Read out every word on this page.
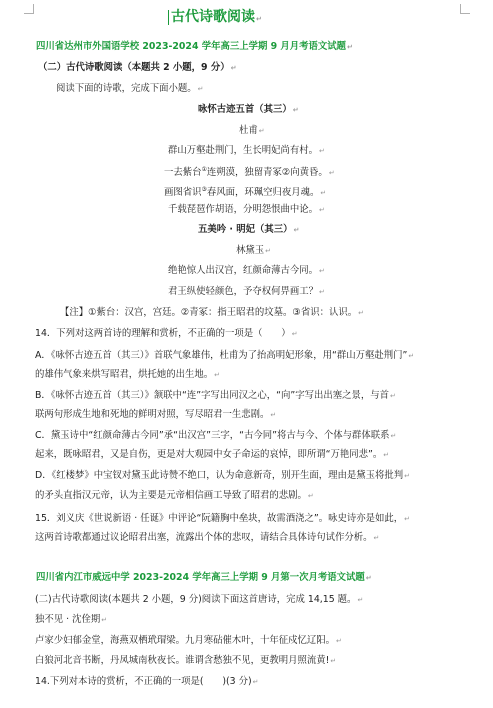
古代诗歌阅读↵
四川省达州市外国语学校 2023-2024 学年高三上学期 9 月月考语文试题↵
（二）古代诗歌阅读（本题共 2 小题，9 分）↵
阅读下面的诗歌，完成下面小题。↵
咏怀古迹五首（其三）↵
杜甫↵
群山万壑赴荆门，生长明妃尚有村。↵
一去紫台①连朔漠，独留青冢②向黄昏。↵
画图省识③春风面，环珮空归夜月魂。↵
千载琵琶作胡语，分明怨恨曲中论。↵
五美吟 · 明妃（其三）↵
林黛玉↵
绝艳惊人出汉宫，红颜命薄古今同。↵
君王纵使轻颜色，予夺权何畀画工？↵
【注】①紫台：汉宫，宫廷。②青冢：指王昭君的坟墓。③省识：认识。↵
14．下列对这两首诗的理解和赏析，不正确的一项是（　　）↵
A．《咏怀古迹五首（其三）》首联气象雄伟，杜甫为了抬高明妃形象，用“群山万壑赴荆门”↵
的雄伟气象来烘写昭君，烘托她的出生地。↵
B．《咏怀古迹五首（其三）》颔联中“连”字写出同汉之心，“向”字写出出塞之景，与首↵
联两句形成生地和死地的鲜明对照，写尽昭君一生悲剧。↵
C．黛玉诗中“红颜命薄古今同”承“出汉宫”三字，“古今同”将古与今、个体与群体联系↵
起来，既咏昭君，又是自伤，更是对大观园中女子命运的哀悼，即所谓“万艳同悲”。↵
D．《红楼梦》中宝钗对黛玉此诗赞不绝口，认为命意新奇，别开生面，理由是黛玉将批判↵
的矛头直指汉元帝，认为主要是元帝相信画工导致了昭君的悲剧。↵
15．刘义庆《世说新语 · 任诞》中评论“阮籍胸中垒块，故需酒浇之”。咏史诗亦是如此，↵
这两首诗歌都通过议论昭君出塞，流露出个体的悲叹，请结合具体诗句试作分析。↵
四川省内江市威远中学 2023-2024 学年高三上学期 9 月第一次月考语文试题↵
(二)古代诗歌阅读(本题共 2 小题，9 分)阅读下面这首唐诗，完成 14,15 题。↵
独不见 · 沈佺期↵
卢家少妇郁金堂，海燕双栖玳瑁梁。九月寒砧催木叶，十年征戍忆辽阳。↵
白狼河北音书断，丹凤城南秋夜长。谁谓含愁独不见，更教明月照流黄!↵
14.下列对本诗的赏析，不正确的一项是(　　)(3 分)↵
